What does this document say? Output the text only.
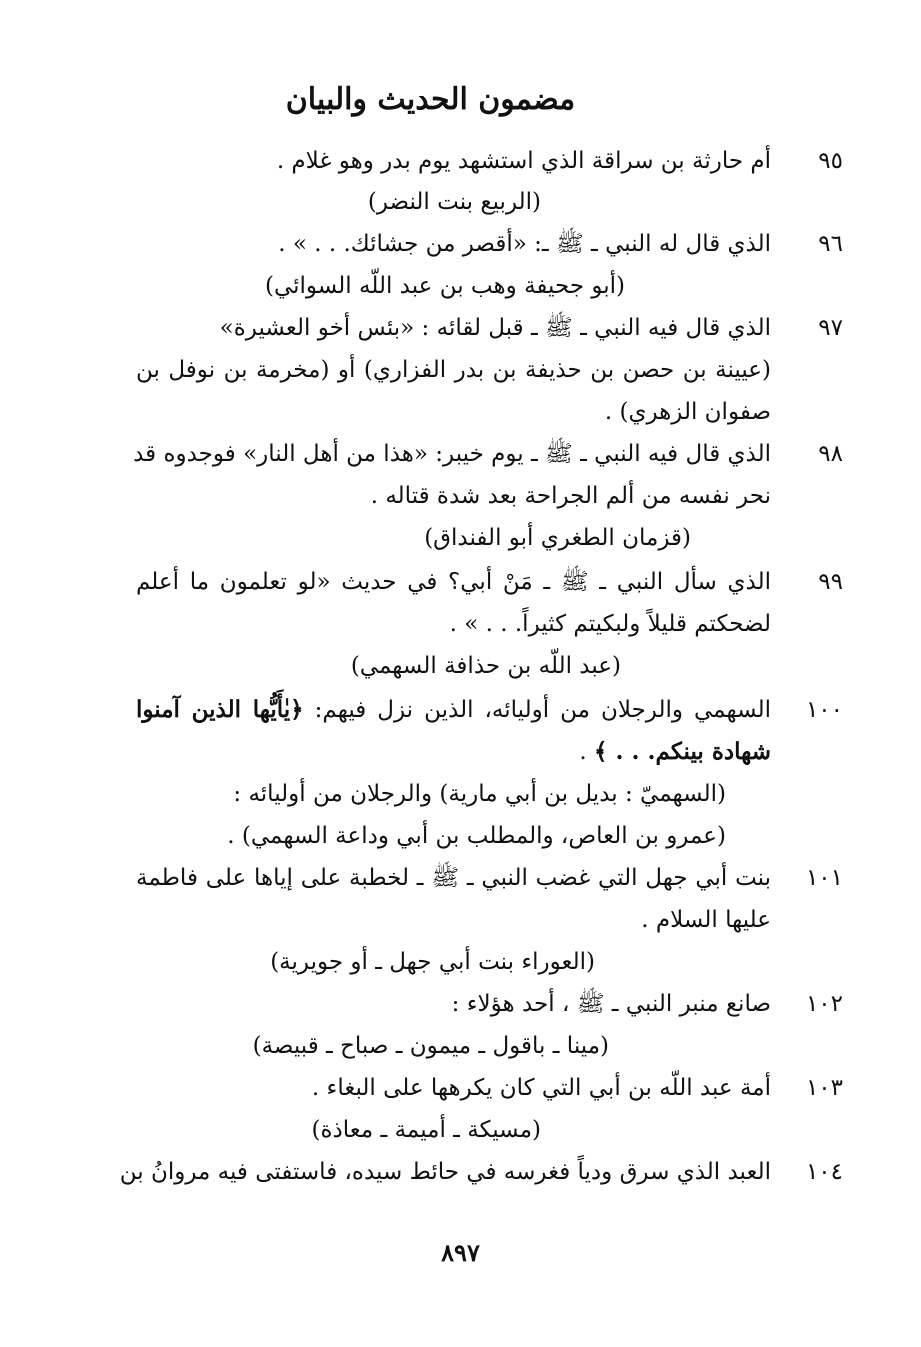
مضمون الحديث والبيان
٩٥أم حارثة بن سراقة الذي استشهد يوم بدر وهو غلام .
(الربيع بنت النضر)
٩٦الذي قال له النبي ـ ﷺ ـ: «أقصر من جشائك. . . » .
(أبو جحيفة وهب بن عبد اللّه السوائي)
٩٧الذي قال فيه النبي ـ ﷺ ـ قبل لقائه : «بئس أخو العشيرة»
(عيينة بن حصن بن حذيفة بن بدر الفزاري) أو (مخرمة بن نوفل بن
صفوان الزهري) .
٩٨الذي قال فيه النبي ـ ﷺ ـ يوم خيبر: «هذا من أهل النار» فوجدوه قد
نحر نفسه من ألم الجراحة بعد شدة قتاله .
(قزمان الطغري أبو الفنداق)
٩٩الذي سأل النبي ـ ﷺ ـ مَنْ أبي؟ في حديث «لو تعلمون ما أعلم
لضحكتم قليلاً ولبكيتم كثيراً. . . » .
(عبد اللّه بن حذافة السهمي)
١٠٠السهمي والرجلان من أوليائه، الذين نزل فيهم: ﴿يٰأَيُّها الذين آمنوا
شهادة بينكم. . . ﴾ .
(السهميّ : بديل بن أبي مارية) والرجلان من أوليائه :
(عمرو بن العاص، والمطلب بن أبي وداعة السهمي) .
١٠١بنت أبي جهل التي غضب النبي ـ ﷺ ـ لخطبة على إياها على فاطمة
عليها السلام .
(العوراء بنت أبي جهل ـ أو جويرية)
١٠٢صانع منبر النبي ـ ﷺ ، أحد هؤلاء :
(مينا ـ باقول ـ ميمون ـ صباح ـ قبيصة)
١٠٣أمة عبد اللّه بن أبي التي كان يكرهها على البغاء .
(مسيكة ـ أميمة ـ معاذة)
١٠٤العبد الذي سرق ودياً فغرسه في حائط سيده، فاستفتى فيه مروانُ بن
٨٩٧
